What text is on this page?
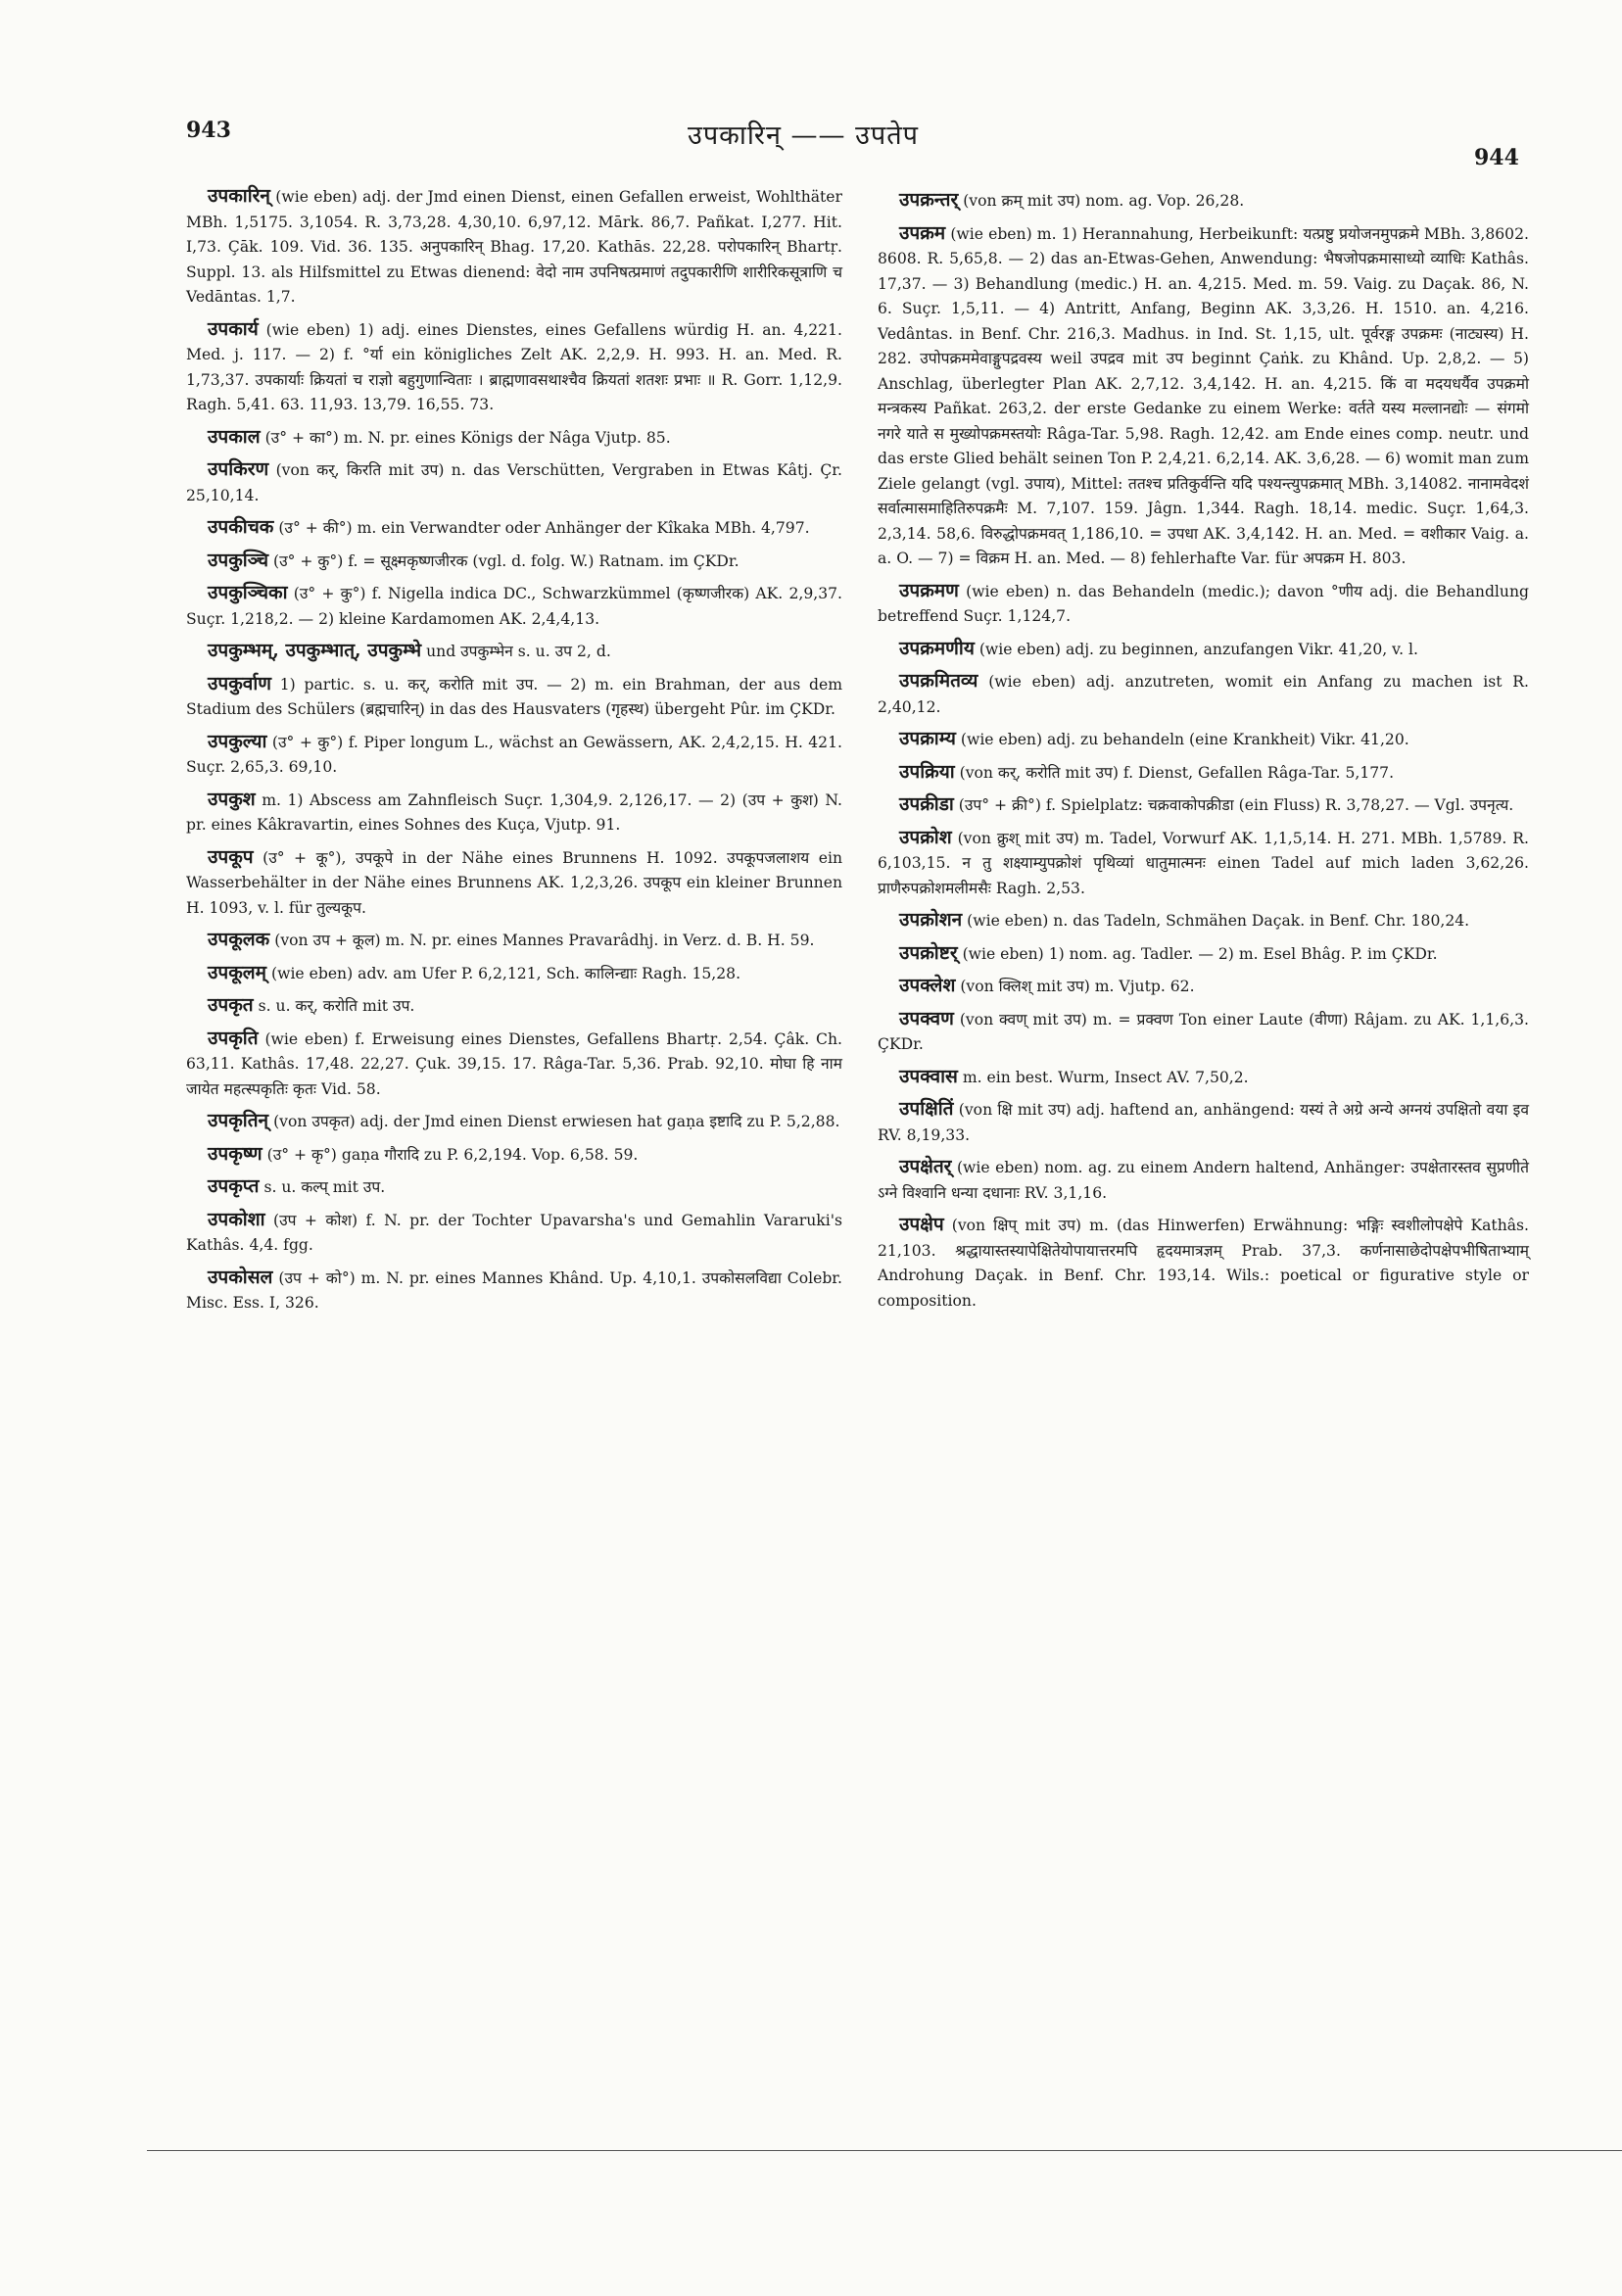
943	उपकारिन् —— उपतेप
944

उपकारिन् (wie eben) adj. der Jmd einen Dienst, einen Gefallen erweist, Wohlthäter MBh. 1,5175. 3,1054. R. 3,73,28. 4,30,10. 6,97,12. Mārk. 86,7. Pañkat. I,277. Hit. I,73. Çāk. 109. Vid. 36. 135. अनुपकारिन् Bhag. 17,20. Kathās. 22,28. परोपकारिन् Bhartṛ. Suppl. 13. als Hilfsmittel zu Etwas dienend: वेदो नाम उपनिषत्प्रमाणं तदुपकारीणि शारीरिकसूत्राणि च Vedāntas. 1,7.

उपकार्य (wie eben) 1) adj. eines Dienstes, eines Gefallens würdig H. an. 4,221. Med. j. 117. — 2) f. °र्या ein königliches Zelt AK. 2,2,9. H. 993. H. an. Med. R. 1,73,37. उपकार्याः क्रियतां च राज्ञो बहुगुणान्विताः । ब्राह्मणावसथाश्चैव क्रियतां शतशः प्रभाः ॥ R. Gorr. 1,12,9. Ragh. 5,41. 63. 11,93. 13,79. 16,55. 73.

उपकाल (उ° + का°) m. N. pr. eines Königs der Nâga Vjutp. 85.

उपकिरण (von कर्, किरति mit उप) n. das Verschütten, Vergraben in Etwas Kâtj. Çr. 25,10,14.

उपकीचक (उ° + की°) m. ein Verwandter oder Anhänger der Kîkaka MBh. 4,797.

उपकुञ्चि (उ° + कु°) f. = सूक्ष्मकृष्णजीरक (vgl. d. folg. W.) Ratnam. im ÇKDr.

उपकुञ्चिका (उ° + कु°) f. Nigella indica DC., Schwarzkümmel (कृष्णजीरक) AK. 2,9,37. Suçr. 1,218,2. — 2) kleine Kardamomen AK. 2,4,4,13.

उपकुम्भम्, उपकुम्भात्, उपकुम्भे und उपकुम्भेन s. u. उप 2, d.

उपकुर्वाण 1) partic. s. u. कर्, करोति mit उप. — 2) m. ein Brahman, der aus dem Stadium des Schülers (ब्रह्मचारिन्) in das des Hausvaters (गृहस्थ) übergeht Pûr. im ÇKDr.

उपकुल्या (उ° + कु°) f. Piper longum L., wächst an Gewässern, AK. 2,4,2,15. H. 421. Suçr. 2,65,3. 69,10.

उपकुश m. 1) Abscess am Zahnfleisch Suçr. 1,304,9. 2,126,17. — 2) (उप + कुश) N. pr. eines Kâkravartin, eines Sohnes des Kuça, Vjutp. 91.

उपकूप (उ° + कू°), उपकूपे in der Nähe eines Brunnens H. 1092. उपकूपजलाशय ein Wasserbehälter in der Nähe eines Brunnens AK. 1,2,3,26. उपकूप ein kleiner Brunnen H. 1093, v. l. für तुल्यकूप.

उपकूलक (von उप + कूल) m. N. pr. eines Mannes Pravarâdhj. in Verz. d. B. H. 59.

उपकूलम् (wie eben) adv. am Ufer P. 6,2,121, Sch. कालिन्द्याः Ragh. 15,28.

उपकृत s. u. कर्, करोति mit उप.

उपकृति (wie eben) f. Erweisung eines Dienstes, Gefallens Bhartṛ. 2,54. Çâk. Ch. 63,11. Kathâs. 17,48. 22,27. Çuk. 39,15. 17. Râga-Tar. 5,36. Prab. 92,10. मोघा हि नाम जायेत महत्स्पकृतिः कृतः Vid. 58.

उपकृतिन् (von उपकृत) adj. der Jmd einen Dienst erwiesen hat gaṇa इष्टादि zu P. 5,2,88.

उपकृष्ण (उ° + कृ°) gaṇa गौरादि zu P. 6,2,194. Vop. 6,58. 59.

उपकृप्त s. u. कल्प् mit उप.

उपकोशा (उप + कोश) f. N. pr. der Tochter Upavarsha's und Gemahlin Vararuki's Kathâs. 4,4. fgg.

उपकोसल (उप + को°) m. N. pr. eines Mannes Khând. Up. 4,10,1. उपकोसलविद्या Colebr. Misc. Ess. I, 326.

उपक्रन्तर् (von क्रम् mit उप) nom. ag. Vop. 26,28.

उपक्रम (wie eben) m. 1) Herannahung, Herbeikunft: यत्प्रष्टु प्रयोजनमुपक्रमे MBh. 3,8602. 8608. R. 5,65,8. — 2) das an-Etwas-Gehen, Anwendung: भैषजोपक्रमासाध्यो व्याधिः Kathâs. 17,37. — 3) Behandlung (medic.) H. an. 4,215. Med. m. 59. Vaig. zu Daçak. 86, N. 6. Suçr. 1,5,11. — 4) Antritt, Anfang, Beginn AK. 3,3,26. H. 1510. an. 4,216. Vedântas. in Benf. Chr. 216,3. Madhus. in Ind. St. 1,15, ult. पूर्वरङ्ग उपक्रमः (नाट्यस्य) H. 282. उपोपक्रममेवाङ्गुपद्रवस्य weil उपद्रव mit उप beginnt Çaṅk. zu Khând. Up. 2,8,2. — 5) Anschlag, überlegter Plan AK. 2,7,12. 3,4,142. H. an. 4,215. किं वा मदयधर्यैव उपक्रमो मन्त्रकस्य Pañkat. 263,2. der erste Gedanke zu einem Werke: वर्तते यस्य मल्लानद्योः — संगमो नगरे याते स मुख्योपक्रमस्तयोः Râga-Tar. 5,98. Ragh. 12,42. am Ende eines comp. neutr. und das erste Glied behält seinen Ton P. 2,4,21. 6,2,14. AK. 3,6,28. — 6) womit man zum Ziele gelangt (vgl. उपाय), Mittel: ततश्च प्रतिकुर्वन्ति यदि पश्यन्त्युपक्रमात् MBh. 3,14082. नानामवेदशं सर्वात्मासमाहितिरुपक्रमैः M. 7,107. 159. Jâgn. 1,344. Ragh. 18,14. medic. Suçr. 1,64,3. 2,3,14. 58,6. विरुद्धोपक्रमवत् 1,186,10. = उपधा AK. 3,4,142. H. an. Med. = वशीकार Vaig. a. a. O. — 7) = विक्रम H. an. Med. — 8) fehlerhafte Var. für अपक्रम H. 803.

उपक्रमण (wie eben) n. das Behandeln (medic.); davon °णीय adj. die Behandlung betreffend Suçr. 1,124,7.

उपक्रमणीय (wie eben) adj. zu beginnen, anzufangen Vikr. 41,20, v. l.

उपक्रमितव्य (wie eben) adj. anzutreten, womit ein Anfang zu machen ist R. 2,40,12.

उपक्राम्य (wie eben) adj. zu behandeln (eine Krankheit) Vikr. 41,20.

उपक्रिया (von कर्, करोति mit उप) f. Dienst, Gefallen Râga-Tar. 5,177.

उपक्रीडा (उप° + क्री°) f. Spielplatz: चक्रवाकोपक्रीडा (ein Fluss) R. 3,78,27. — Vgl. उपनृत्य.

उपक्रोश (von क्रुश् mit उप) m. Tadel, Vorwurf AK. 1,1,5,14. H. 271. MBh. 1,5789. R. 6,103,15. न तु शक्ष्याम्युपक्रोशं पृथिव्यां धातुमात्मनः einen Tadel auf mich laden 3,62,26. प्राणैरुपक्रोशमलीमसैः Ragh. 2,53.

उपक्रोशन (wie eben) n. das Tadeln, Schmähen Daçak. in Benf. Chr. 180,24.

उपक्रोष्टर् (wie eben) 1) nom. ag. Tadler. — 2) m. Esel Bhâg. P. im ÇKDr.

उपक्लेश (von क्लिश् mit उप) m. Vjutp. 62.

उपक्वण (von क्वण् mit उप) m. = प्रक्वण Ton einer Laute (वीणा) Râjam. zu AK. 1,1,6,3. ÇKDr.

उपक्वास m. ein best. Wurm, Insect AV. 7,50,2.

उपक्षितिं (von क्षि mit उप) adj. haftend an, anhängend: यस्यं ते अग्रे अन्ये अग्नयं उपक्षितो वया इव RV. 8,19,33.

उपक्षेतर् (wie eben) nom. ag. zu einem Andern haltend, Anhänger: उपक्षेतारस्तव सुप्रणीते ऽग्ने विश्वानि धन्या दधानाः RV. 3,1,16.

उपक्षेप (von क्षिप् mit उप) m. (das Hinwerfen) Erwähnung: भङ्गिः स्वशीलोपक्षेपे Kathâs. 21,103. श्रद्धायास्तस्यापेक्षितेयोपायात्तरमपि हृदयमात्रज्ञम् Prab. 37,3. कर्णनासाछेदोपक्षेपभीषिताभ्याम् Androhung Daçak. in Benf. Chr. 193,14. Wils.: poetical or figurative style or composition.
